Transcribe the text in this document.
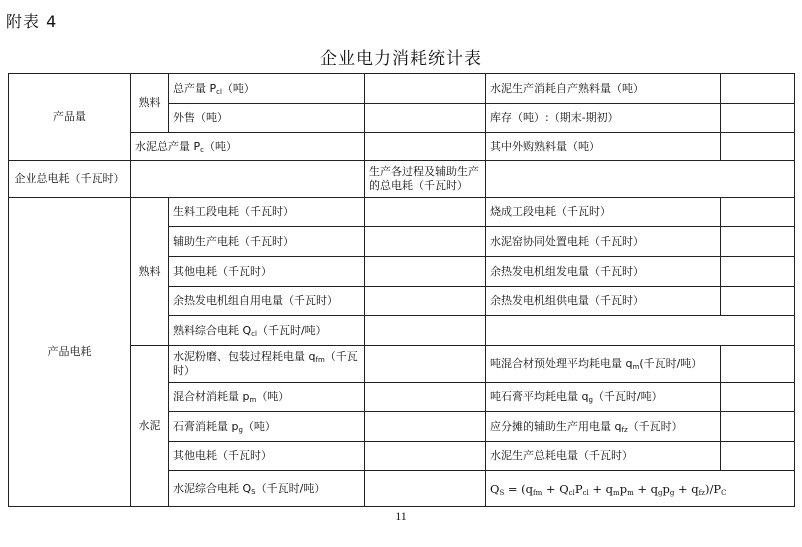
附表 4
企业电力消耗统计表
产品量	熟料	总产量 $P_{cl}$（吨）		水泥生产消耗自产熟料量（吨）	
		外售（吨）		库存（吨）:（期末-期初）	
	水泥总产量 $P_c$（吨）			其中外购熟料量（吨）	
企业总电耗（千瓦时）			生产各过程及辅助生产的总电耗（千瓦时）		
产品电耗	熟料	生料工段电耗（千瓦时）		烧成工段电耗（千瓦时）	
		辅助生产电耗（千瓦时）		水泥窑协同处置电耗（千瓦时）	
		其他电耗（千瓦时）		余热发电机组发电量（千瓦时）	
		余热发电机组自用电量（千瓦时）		余热发电机组供电量（千瓦时）	
		熟料综合电耗 $Q_{cl}$（千瓦时/吨）			
	水泥	水泥粉磨、包装过程耗电量 $q_{fm}$（千瓦时）		吨混合材预处理平均耗电量 $q_m$(千瓦时/吨）	
		混合材消耗量 $p_m$（吨）		吨石膏平均耗电量 $q_g$（千瓦时/吨）	
		石膏消耗量 $p_g$（吨）		应分摊的辅助生产用电量 $q_{fz}$（千瓦时）	
		其他电耗（千瓦时）		水泥生产总耗电量（千瓦时）	
		水泥综合电耗 $Q_S$（千瓦时/吨）		$Q_S = (q_{fm} + Q_{cl}P_{cl} + q_mp_m + q_gp_g + q_{fz})/P_C$
11
